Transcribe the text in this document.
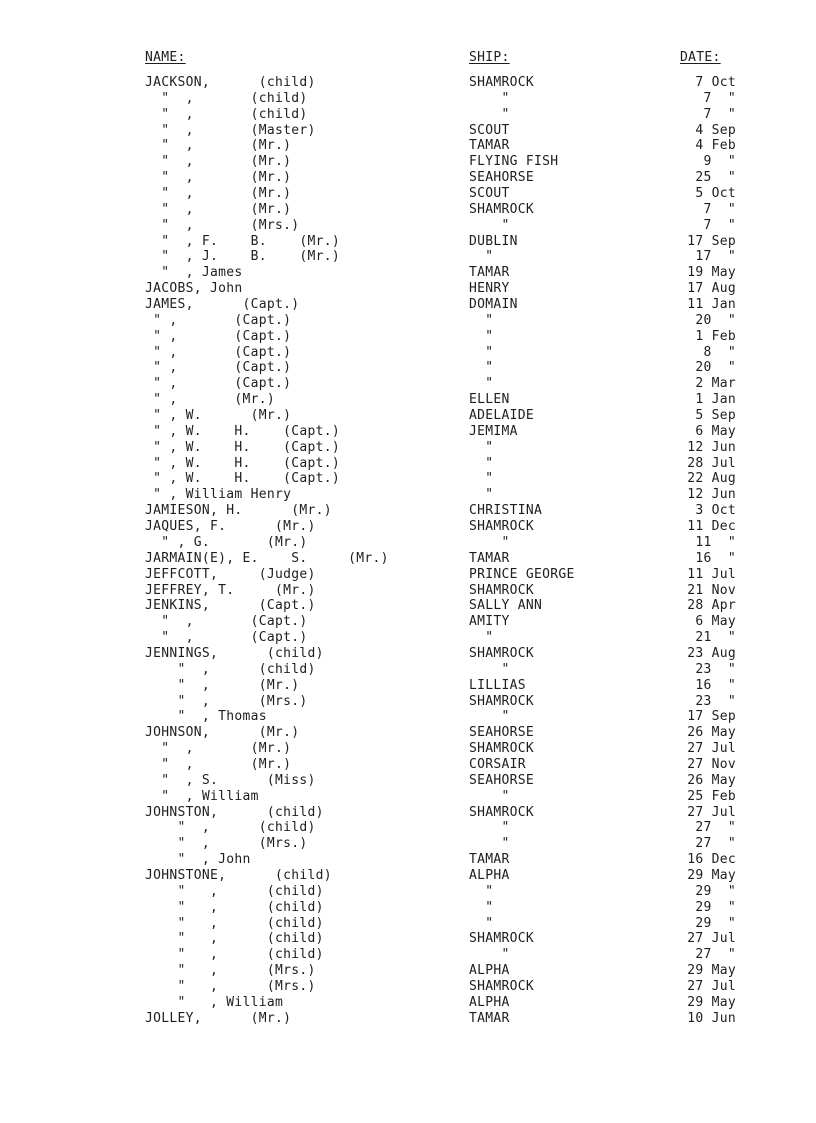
NAME:	SHIP:	DATE:
JACKSON,      (child)	SHAMROCK	7 Oct
"  ,       (child)	"	7  "
"  ,       (child)	"	7  "
"  ,       (Master)	SCOUT	4 Sep
"  ,       (Mr.)	TAMAR	4 Feb
"  ,       (Mr.)	FLYING FISH	9  "
"  ,       (Mr.)	SEAHORSE	25  "
"  ,       (Mr.)	SCOUT	5 Oct
"  ,       (Mr.)	SHAMROCK	7  "
"  ,       (Mrs.)	"	7  "
"  , F.    B.    (Mr.)	DUBLIN	17 Sep
"  , J.    B.    (Mr.)	"	17  "
"  , James	TAMAR	19 May
JACOBS, John	HENRY	17 Aug
JAMES,      (Capt.)	DOMAIN	11 Jan
" ,       (Capt.)	"	20  "
" ,       (Capt.)	"	1 Feb
" ,       (Capt.)	"	8  "
" ,       (Capt.)	"	20  "
" ,       (Capt.)	"	2 Mar
" ,       (Mr.)	ELLEN	1 Jan
" , W.      (Mr.)	ADELAIDE	5 Sep
" , W.    H.    (Capt.)	JEMIMA	6 May
" , W.    H.    (Capt.)	"	12 Jun
" , W.    H.    (Capt.)	"	28 Jul
" , W.    H.    (Capt.)	"	22 Aug
" , William Henry	"	12 Jun
JAMIESON, H.      (Mr.)	CHRISTINA	3 Oct
JAQUES, F.      (Mr.)	SHAMROCK	11 Dec
" , G.       (Mr.)	"	11  "
JARMAIN(E), E.    S.     (Mr.)	TAMAR	16  "
JEFFCOTT,     (Judge)	PRINCE GEORGE	11 Jul
JEFFREY, T.     (Mr.)	SHAMROCK	21 Nov
JENKINS,      (Capt.)	SALLY ANN	28 Apr
"  ,       (Capt.)	AMITY	6 May
"  ,       (Capt.)	"	21  "
JENNINGS,      (child)	SHAMROCK	23 Aug
"  ,      (child)	"	23  "
"  ,      (Mr.)	LILLIAS	16  "
"  ,      (Mrs.)	SHAMROCK	23  "
"  , Thomas	"	17 Sep
JOHNSON,      (Mr.)	SEAHORSE	26 May
"  ,       (Mr.)	SHAMROCK	27 Jul
"  ,       (Mr.)	CORSAIR	27 Nov
"  , S.      (Miss)	SEAHORSE	26 May
"  , William	"	25 Feb
JOHNSTON,      (child)	SHAMROCK	27 Jul
"  ,      (child)	"	27  "
"  ,      (Mrs.)	"	27  "
"  , John	TAMAR	16 Dec
JOHNSTONE,      (child)	ALPHA	29 May
"   ,      (child)	"	29  "
"   ,      (child)	"	29  "
"   ,      (child)	"	29  "
"   ,      (child)	SHAMROCK	27 Jul
"   ,      (child)	"	27  "
"   ,      (Mrs.)	ALPHA	29 May
"   ,      (Mrs.)	SHAMROCK	27 Jul
"   , William	ALPHA	29 May
JOLLEY,      (Mr.)	TAMAR	10 Jun
